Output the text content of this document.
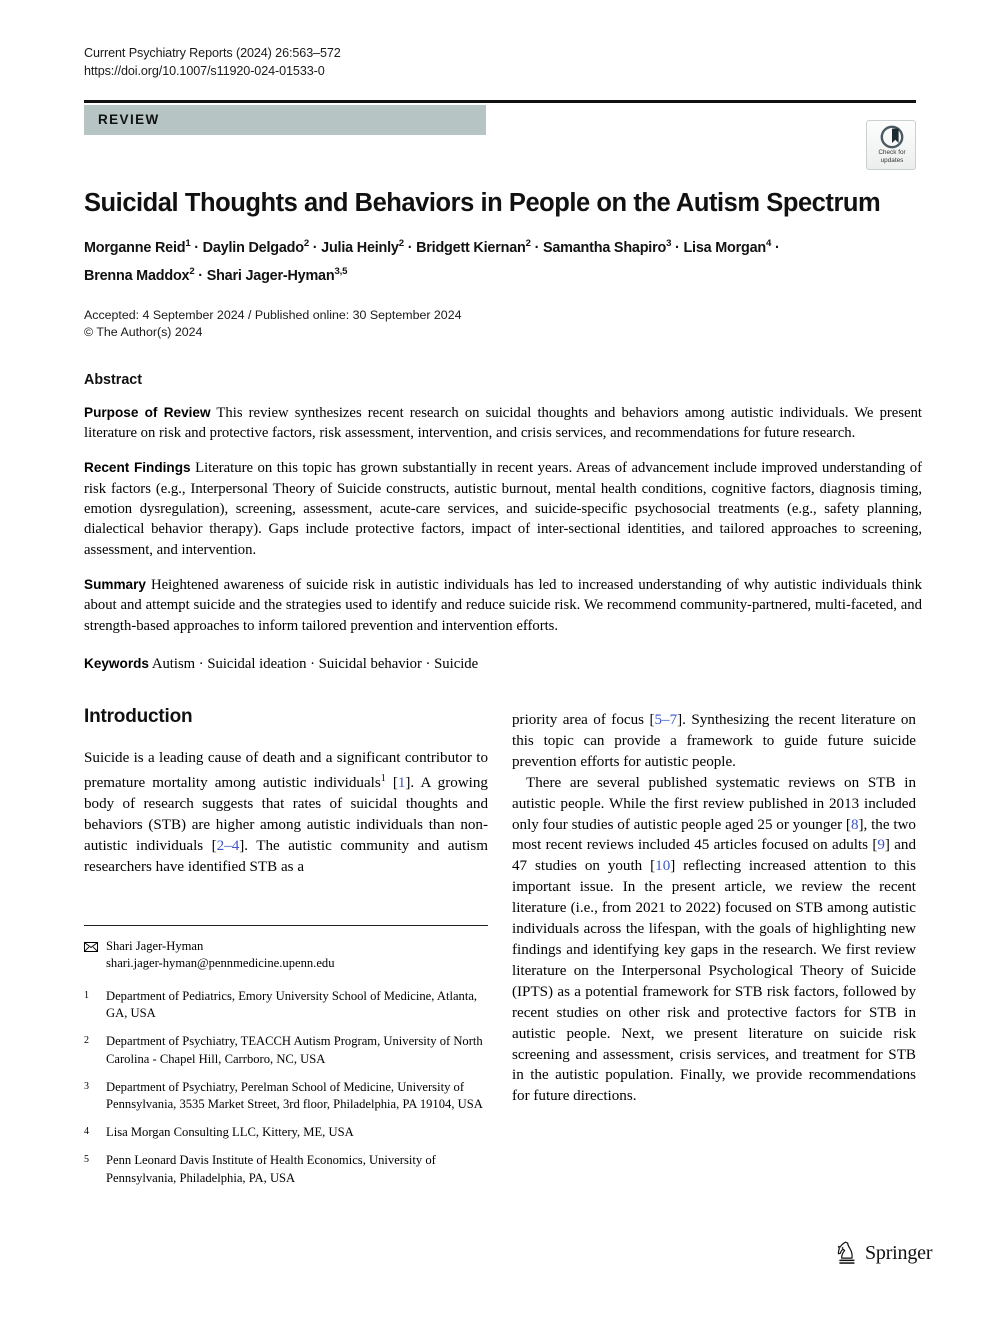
Current Psychiatry Reports (2024) 26:563–572
https://doi.org/10.1007/s11920-024-01533-0
REVIEW
Check for
updates
Suicidal Thoughts and Behaviors in People on the Autism Spectrum
Morganne Reid$^1$ · Daylin Delgado$^2$ · Julia Heinly$^2$ · Bridgett Kiernan$^2$ · Samantha Shapiro$^3$ · Lisa Morgan$^4$ ·
Brenna Maddox$^2$ · Shari Jager-Hyman$^{3,5}$
Accepted: 4 September 2024 / Published online: 30 September 2024
© The Author(s) 2024
Abstract

Purpose of Review This review synthesizes recent research on suicidal thoughts and behaviors among autistic individuals. We present literature on risk and protective factors, risk assessment, intervention, and crisis services, and recommendations for future research.

Recent Findings Literature on this topic has grown substantially in recent years. Areas of advancement include improved understanding of risk factors (e.g., Interpersonal Theory of Suicide constructs, autistic burnout, mental health conditions, cognitive factors, diagnosis timing, emotion dysregulation), screening, assessment, acute-care services, and suicide-specific psychosocial treatments (e.g., safety planning, dialectical behavior therapy). Gaps include protective factors, impact of inter-sectional identities, and tailored approaches to screening, assessment, and intervention.

Summary Heightened awareness of suicide risk in autistic individuals has led to increased understanding of why autistic individuals think about and attempt suicide and the strategies used to identify and reduce suicide risk. We recommend community-partnered, multi-faceted, and strength-based approaches to inform tailored prevention and intervention efforts.

Keywords Autism · Suicidal ideation · Suicidal behavior · Suicide
Introduction

Suicide is a leading cause of death and a significant contributor to premature mortality among autistic individuals$^1$ [1]. A growing body of research suggests that rates of suicidal thoughts and behaviors (STB) are higher among autistic individuals than non-autistic individuals [2–4]. The autistic community and autism researchers have identified STB as a

priority area of focus [5–7]. Synthesizing the recent literature on this topic can provide a framework to guide future suicide prevention efforts for autistic people.

There are several published systematic reviews on STB in autistic people. While the first review published in 2013 included only four studies of autistic people aged 25 or younger [8], the two most recent reviews included 45 articles focused on adults [9] and 47 studies on youth [10] reflecting increased attention to this important issue. In the present article, we review the recent literature (i.e., from 2021 to 2022) focused on STB among autistic individuals across the lifespan, with the goals of highlighting new findings and identifying key gaps in the research. We first review literature on the Interpersonal Psychological Theory of Suicide (IPTS) as a potential framework for STB risk factors, followed by recent studies on other risk and protective factors for STB in autistic people. Next, we present literature on suicide risk screening and assessment, crisis services, and treatment for STB in the autistic population. Finally, we provide recommendations for future directions.

Shari Jager-Hyman
shari.jager-hyman@pennmedicine.upenn.edu
1	Department of Pediatrics, Emory University School of Medicine, Atlanta, GA, USA
2	Department of Psychiatry, TEACCH Autism Program, University of North Carolina - Chapel Hill, Carrboro, NC, USA
3	Department of Psychiatry, Perelman School of Medicine, University of Pennsylvania, 3535 Market Street, 3rd floor, Philadelphia, PA 19104, USA
4	Lisa Morgan Consulting LLC, Kittery, ME, USA
5	Penn Leonard Davis Institute of Health Economics, University of Pennsylvania, Philadelphia, PA, USA
Springer
